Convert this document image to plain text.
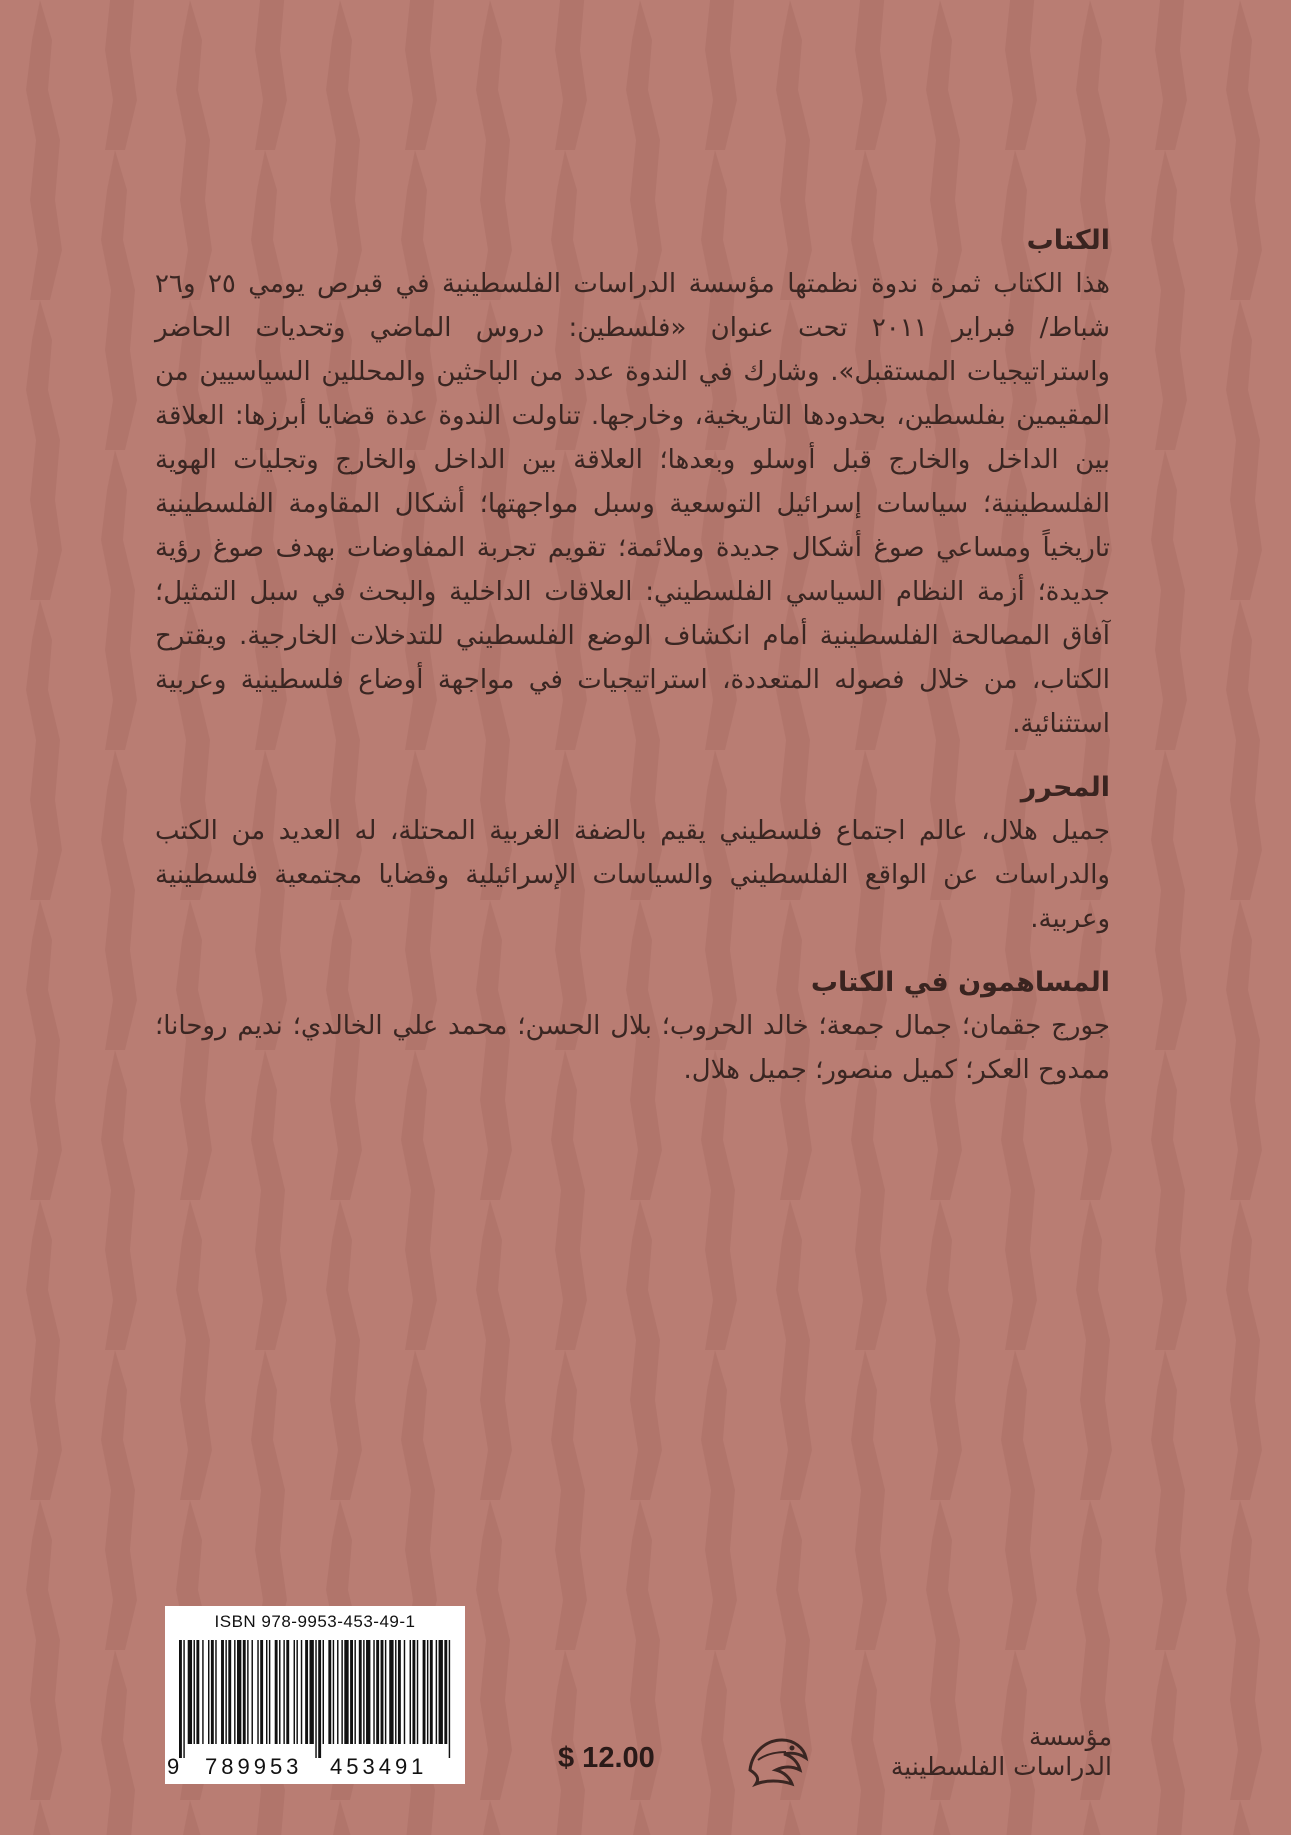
الكتاب

هذا الكتاب ثمرة ندوة نظمتها مؤسسة الدراسات الفلسطينية في قبرص يومي ٢٥ و٢٦ شباط/ فبراير ٢٠١١ تحت عنوان «فلسطين: دروس الماضي وتحديات الحاضر واستراتيجيات المستقبل». وشارك في الندوة عدد من الباحثين والمحللين السياسيين من المقيمين بفلسطين، بحدودها التاريخية، وخارجها. تناولت الندوة عدة قضايا أبرزها: العلاقة بين الداخل والخارج قبل أوسلو وبعدها؛ العلاقة بين الداخل والخارج وتجليات الهوية الفلسطينية؛ سياسات إسرائيل التوسعية وسبل مواجهتها؛ أشكال المقاومة الفلسطينية تاريخياً ومساعي صوغ أشكال جديدة وملائمة؛ تقويم تجربة المفاوضات بهدف صوغ رؤية جديدة؛ أزمة النظام السياسي الفلسطيني: العلاقات الداخلية والبحث في سبل التمثيل؛ آفاق المصالحة الفلسطينية أمام انكشاف الوضع الفلسطيني للتدخلات الخارجية. ويقترح الكتاب، من خلال فصوله المتعددة، استراتيجيات في مواجهة أوضاع فلسطينية وعربية استثنائية.

المحرر

جميل هلال، عالم اجتماع فلسطيني يقيم بالضفة الغربية المحتلة، له العديد من الكتب والدراسات عن الواقع الفلسطيني والسياسات الإسرائيلية وقضايا مجتمعية فلسطينية وعربية.

المساهمون في الكتاب

جورج جقمان؛ جمال جمعة؛ خالد الحروب؛ بلال الحسن؛ محمد علي الخالدي؛ نديم روحانا؛ ممدوح العكر؛ كميل منصور؛ جميل هلال.

ISBN 978-9953-453-49-1
9 789953 453491	$ 12.00
مؤسسة
الدراسات الفلسطينية
